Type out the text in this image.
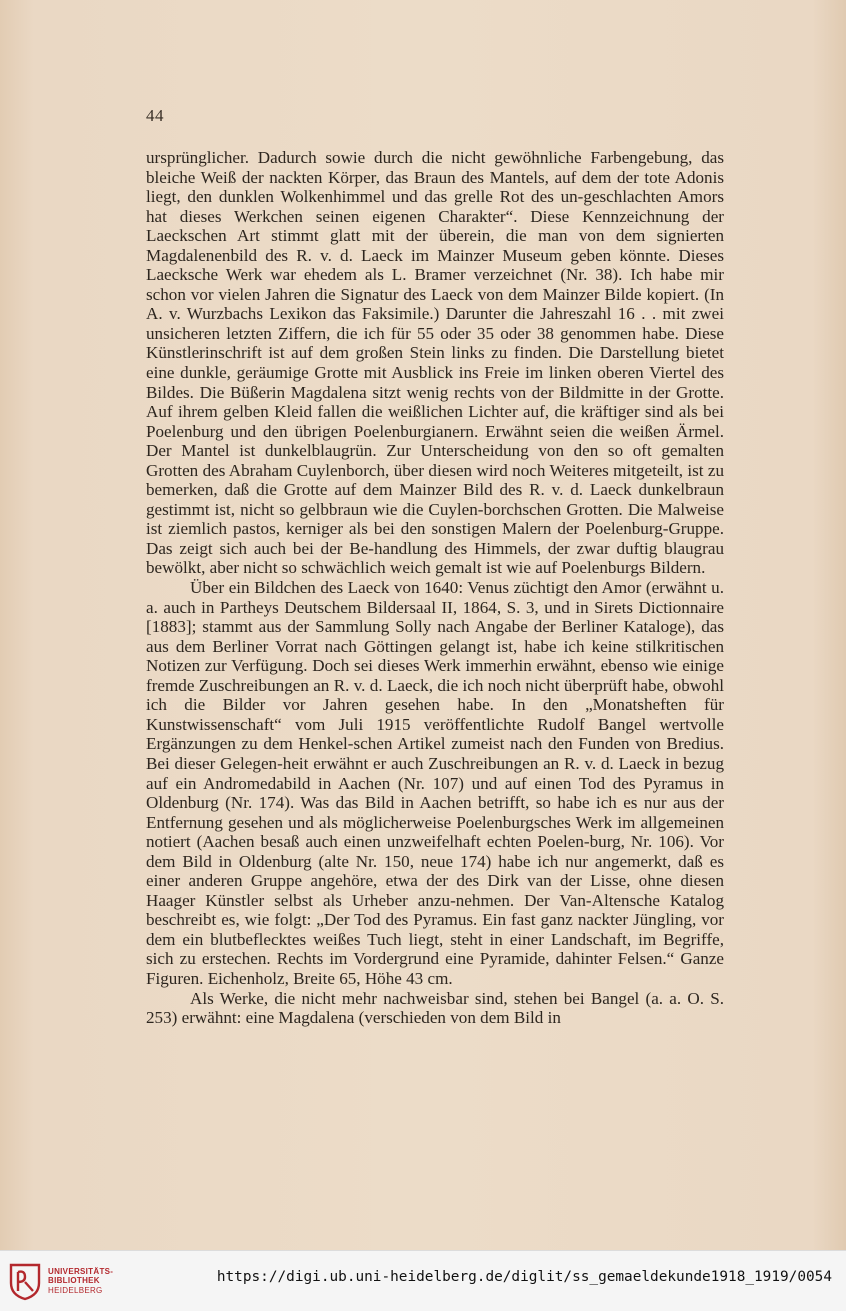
44

ursprünglicher. Dadurch sowie durch die nicht gewöhnliche Farbengebung, das bleiche Weiß der nackten Körper, das Braun des Mantels, auf dem der tote Adonis liegt, den dunklen Wolkenhimmel und das grelle Rot des un-geschlachten Amors hat dieses Werkchen seinen eigenen Charakter“. Diese Kennzeichnung der Laeckschen Art stimmt glatt mit der überein, die man von dem signierten Magdalenenbild des R. v. d. Laeck im Mainzer Museum geben könnte. Dieses Laecksche Werk war ehedem als L. Bramer verzeichnet (Nr. 38). Ich habe mir schon vor vielen Jahren die Signatur des Laeck von dem Mainzer Bilde kopiert. (In A. v. Wurzbachs Lexikon das Faksimile.) Darunter die Jahreszahl 16 . . mit zwei unsicheren letzten Ziffern, die ich für 55 oder 35 oder 38 genommen habe. Diese Künstlerinschrift ist auf dem großen Stein links zu finden. Die Darstellung bietet eine dunkle, geräumige Grotte mit Ausblick ins Freie im linken oberen Viertel des Bildes. Die Büßerin Magdalena sitzt wenig rechts von der Bildmitte in der Grotte. Auf ihrem gelben Kleid fallen die weißlichen Lichter auf, die kräftiger sind als bei Poelenburg und den übrigen Poelenburgianern. Erwähnt seien die weißen Ärmel. Der Mantel ist dunkelblaugrün. Zur Unterscheidung von den so oft gemalten Grotten des Abraham Cuylenborch, über diesen wird noch Weiteres mitgeteilt, ist zu bemerken, daß die Grotte auf dem Mainzer Bild des R. v. d. Laeck dunkelbraun gestimmt ist, nicht so gelbbraun wie die Cuylen-borchschen Grotten. Die Malweise ist ziemlich pastos, kerniger als bei den sonstigen Malern der Poelenburg-Gruppe. Das zeigt sich auch bei der Be-handlung des Himmels, der zwar duftig blaugrau bewölkt, aber nicht so schwächlich weich gemalt ist wie auf Poelenburgs Bildern.

Über ein Bildchen des Laeck von 1640: Venus züchtigt den Amor (erwähnt u. a. auch in Partheys Deutschem Bildersaal II, 1864, S. 3, und in Sirets Dictionnaire [1883]; stammt aus der Sammlung Solly nach Angabe der Berliner Kataloge), das aus dem Berliner Vorrat nach Göttingen gelangt ist, habe ich keine stilkritischen Notizen zur Verfügung. Doch sei dieses Werk immerhin erwähnt, ebenso wie einige fremde Zuschreibungen an R. v. d. Laeck, die ich noch nicht überprüft habe, obwohl ich die Bilder vor Jahren gesehen habe. In den „Monatsheften für Kunstwissenschaft“ vom Juli 1915 veröffentlichte Rudolf Bangel wertvolle Ergänzungen zu dem Henkel-schen Artikel zumeist nach den Funden von Bredius. Bei dieser Gelegen-heit erwähnt er auch Zuschreibungen an R. v. d. Laeck in bezug auf ein Andromedabild in Aachen (Nr. 107) und auf einen Tod des Pyramus in Oldenburg (Nr. 174). Was das Bild in Aachen betrifft, so habe ich es nur aus der Entfernung gesehen und als möglicherweise Poelenburgsches Werk im allgemeinen notiert (Aachen besaß auch einen unzweifelhaft echten Poelen-burg, Nr. 106). Vor dem Bild in Oldenburg (alte Nr. 150, neue 174) habe ich nur angemerkt, daß es einer anderen Gruppe angehöre, etwa der des Dirk van der Lisse, ohne diesen Haager Künstler selbst als Urheber anzu-nehmen. Der Van-Altensche Katalog beschreibt es, wie folgt: „Der Tod des Pyramus. Ein fast ganz nackter Jüngling, vor dem ein blutbeflecktes weißes Tuch liegt, steht in einer Landschaft, im Begriffe, sich zu erstechen. Rechts im Vordergrund eine Pyramide, dahinter Felsen.“ Ganze Figuren. Eichenholz, Breite 65, Höhe 43 cm.

Als Werke, die nicht mehr nachweisbar sind, stehen bei Bangel (a. a. O. S. 253) erwähnt: eine Magdalena (verschieden von dem Bild in

UNIVERSITÄTS-
BIBLIOTHEK
HEIDELBERG
https://digi.ub.uni-heidelberg.de/diglit/ss_gemaeldekunde1918_1919/0054
